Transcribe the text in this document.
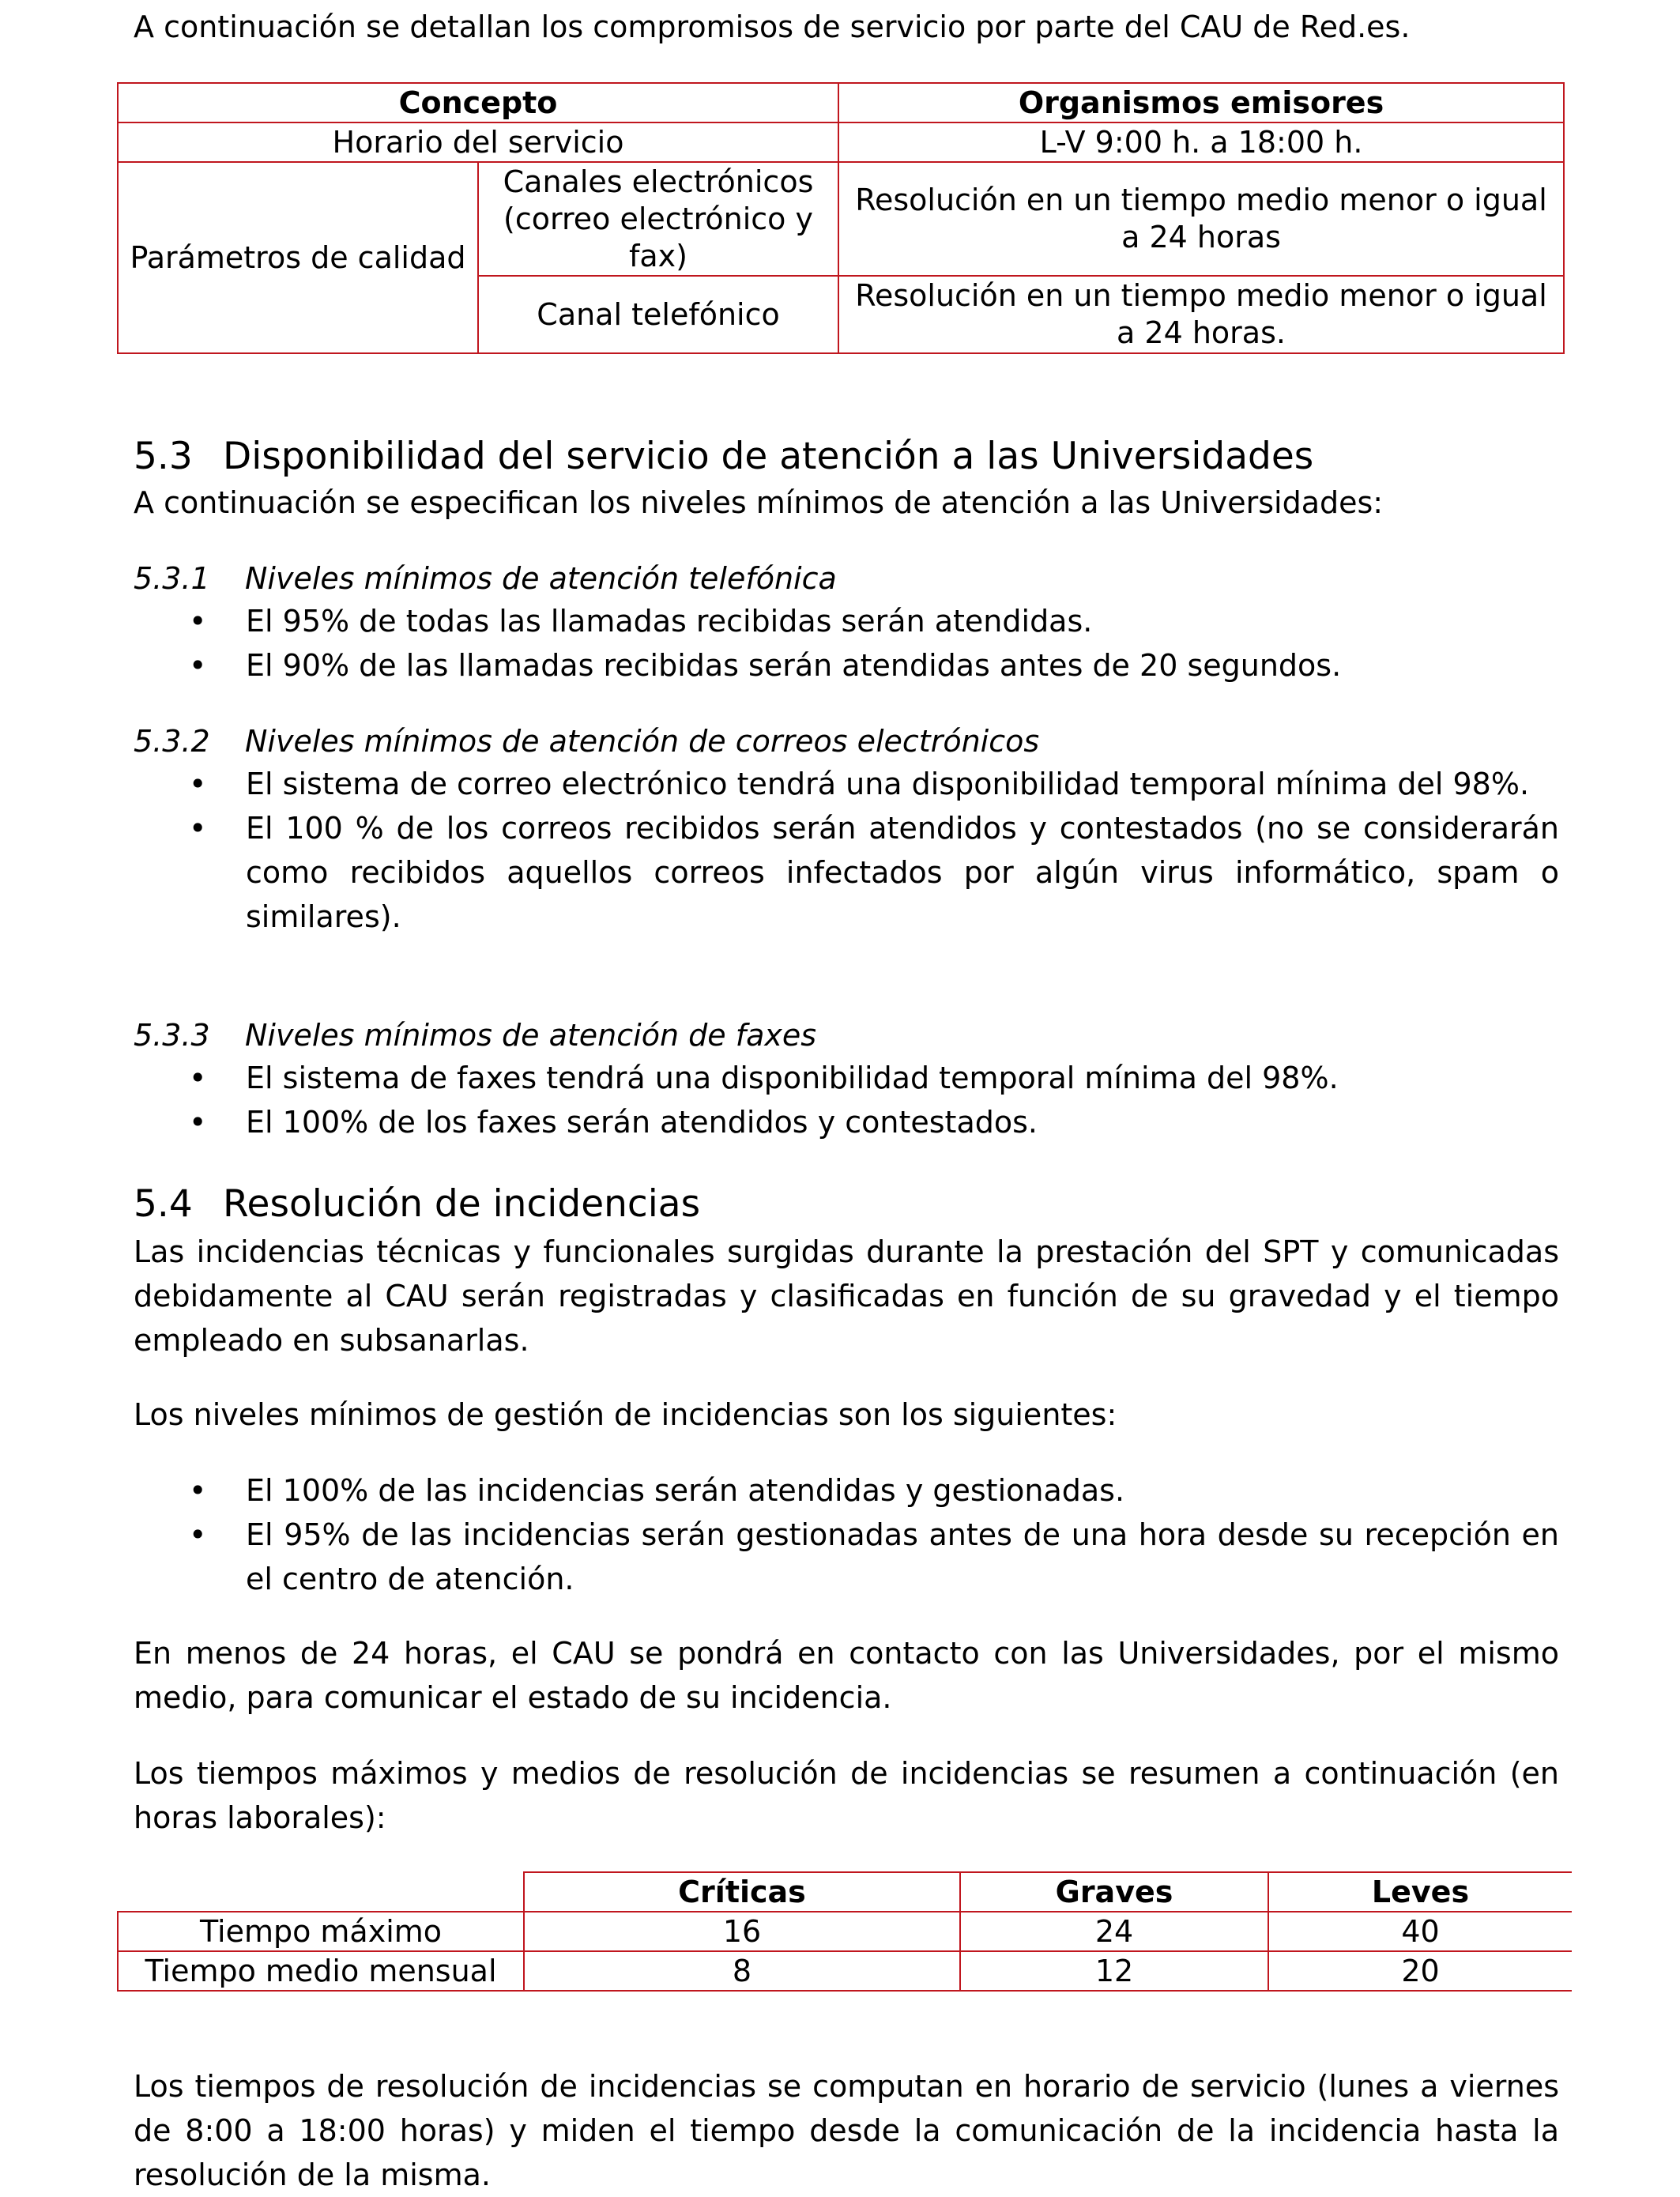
A continuación se detallan los compromisos de servicio por parte del CAU de Red.es.

Concepto		Organismos emisores
Horario del servicio		L-V 9:00 h. a 18:00 h.
Parámetros de calidad	Canales electrónicos (correo electrónico y fax)	Resolución en un tiempo medio menor o igual a 24 horas
	Canal telefónico	Resolución en un tiempo medio menor o igual a 24 horas.
5.3 Disponibilidad del servicio de atención a las Universidades

A continuación se especifican los niveles mínimos de atención a las Universidades:

5.3.1 Niveles mínimos de atención telefónica
• El 95% de todas las llamadas recibidas serán atendidas.
• El 90% de las llamadas recibidas serán atendidas antes de 20 segundos.
5.3.2 Niveles mínimos de atención de correos electrónicos
• El sistema de correo electrónico tendrá una disponibilidad temporal mínima del 98%.
• El 100 % de los correos recibidos serán atendidos y contestados (no se considerarán como recibidos aquellos correos infectados por algún virus informático, spam o similares).
5.3.3 Niveles mínimos de atención de faxes
• El sistema de faxes tendrá una disponibilidad temporal mínima del 98%.
• El 100% de los faxes serán atendidos y contestados.
5.4 Resolución de incidencias

Las incidencias técnicas y funcionales surgidas durante la prestación del SPT y comunicadas debidamente al CAU serán registradas y clasificadas en función de su gravedad y el tiempo empleado en subsanarlas.

Los niveles mínimos de gestión de incidencias son los siguientes:

• El 100% de las incidencias serán atendidas y gestionadas.
• El 95% de las incidencias serán gestionadas antes de una hora desde su recepción en el centro de atención.

En menos de 24 horas, el CAU se pondrá en contacto con las Universidades, por el mismo medio, para comunicar el estado de su incidencia.

Los tiempos máximos y medios de resolución de incidencias se resumen a continuación (en horas laborales):

	Críticas	Graves	Leves
Tiempo máximo	16	24	40
Tiempo medio mensual	8	12	20

Los tiempos de resolución de incidencias se computan en horario de servicio (lunes a viernes de 8:00 a 18:00 horas) y miden el tiempo desde la comunicación de la incidencia hasta la resolución de la misma.
